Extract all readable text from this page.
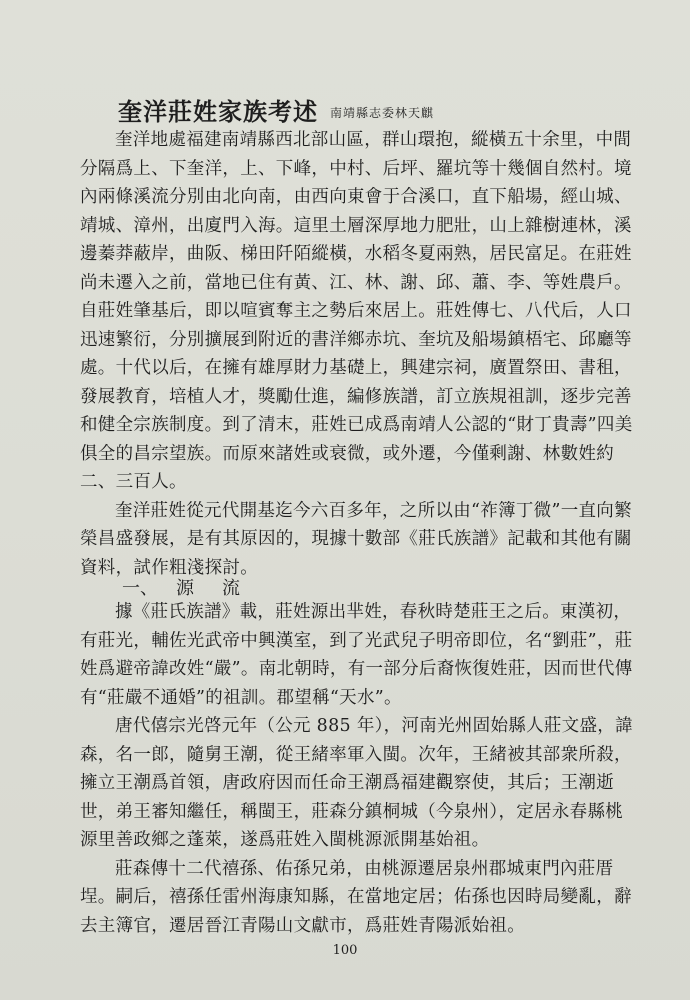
奎洋莊姓家族考述 南靖縣志委林天麒

奎洋地處福建南靖縣西北部山區，群山環抱，縱橫五十余里，中間分隔爲上、下奎洋，上、下峰，中村、后坪、羅坑等十幾個自然村。境內兩條溪流分別由北向南，由西向東會于合溪口，直下船場，經山城、靖城、漳州，出廈門入海。這里土層深厚地力肥壯，山上雜樹連林，溪邊蓁莽蔽岸，曲阪、梯田阡陌縱橫，水稻冬夏兩熟，居民富足。在莊姓尚未遷入之前，當地已住有黃、江、林、謝、邱、蕭、李、等姓農戶。自莊姓肇基后，即以喧賓奪主之勢后來居上。莊姓傳七、八代后，人口迅速繁衍，分別擴展到附近的書洋鄉赤坑、奎坑及船場鎮梧宅、邱廳等處。十代以后，在擁有雄厚財力基礎上，興建宗祠，廣置祭田、書租，發展教育，培植人才，獎勵仕進，編修族譜，訂立族規祖訓，逐步完善和健全宗族制度。到了清末，莊姓已成爲南靖人公認的“財丁貴壽”四美俱全的昌宗望族。而原來諸姓或衰微，或外遷，今僅剩謝、林數姓約二、三百人。

奎洋莊姓從元代開基迄今六百多年，之所以由“祚簿丁微”一直向繁榮昌盛發展，是有其原因的，現據十數部《莊氏族譜》記載和其他有關資料，試作粗淺探討。

一、 源流

據《莊氏族譜》載，莊姓源出芈姓，春秋時楚莊王之后。東漢初，有莊光，輔佐光武帝中興漢室，到了光武兒子明帝即位，名“劉莊”，莊姓爲避帝諱改姓“嚴”。南北朝時，有一部分后裔恢復姓莊，因而世代傳有“莊嚴不通婚”的祖訓。郡望稱“天水”。

唐代僖宗光啓元年（公元 885 年），河南光州固始縣人莊文盛，諱森，名一郎，隨舅王潮，從王緒率軍入閩。次年，王緒被其部衆所殺，擁立王潮爲首領，唐政府因而任命王潮爲福建觀察使，其后；王潮逝世，弟王審知繼任，稱閩王，莊森分鎮桐城（今泉州），定居永春縣桃源里善政鄉之蓬萊，遂爲莊姓入閩桃源派開基始祖。

莊森傳十二代禧孫、佑孫兄弟，由桃源遷居泉州郡城東門內莊厝埕。嗣后，禧孫任雷州海康知縣，在當地定居；佑孫也因時局變亂，辭去主簿官，遷居晉江青陽山文獻市，爲莊姓青陽派始祖。

100
